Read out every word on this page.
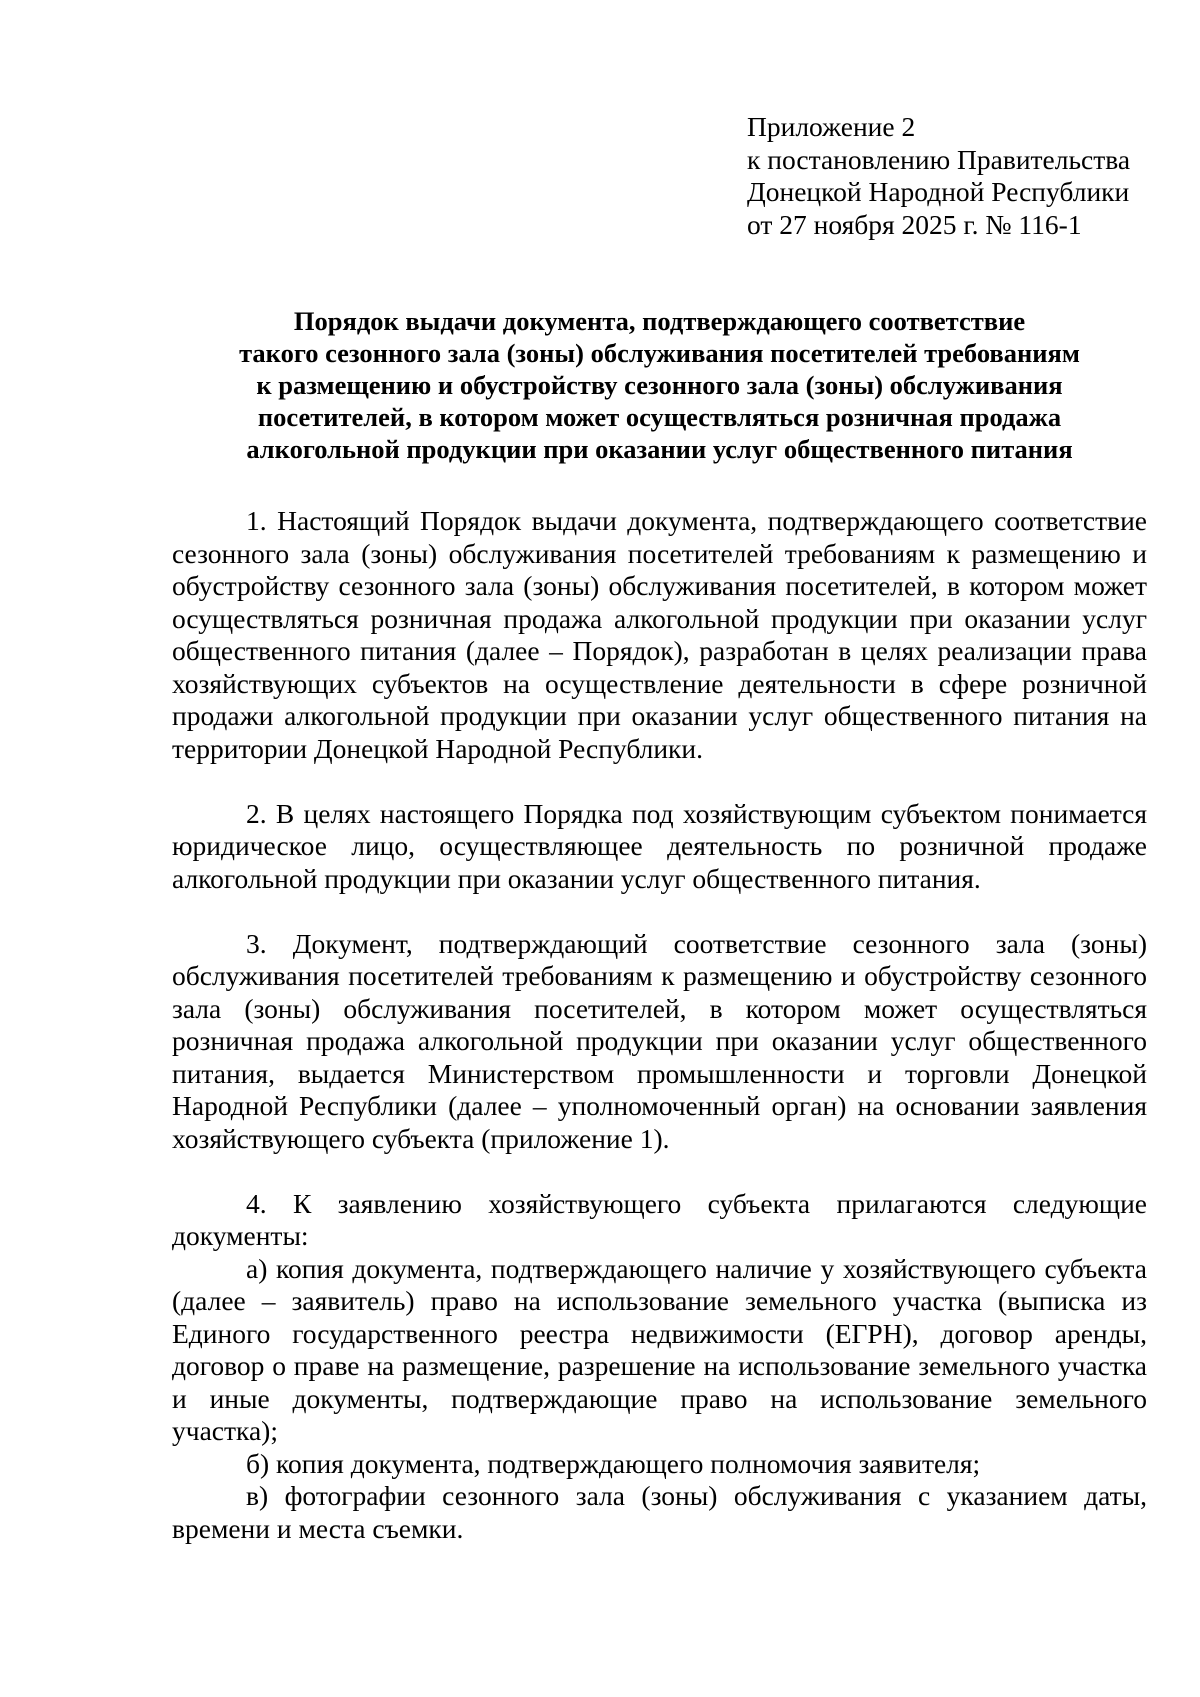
Приложение 2
к постановлению Правительства
Донецкой Народной Республики
от 27 ноября 2025 г. № 116-1
Порядок выдачи документа, подтверждающего соответствие
такого сезонного зала (зоны) обслуживания посетителей требованиям
к размещению и обустройству сезонного зала (зоны) обслуживания
посетителей, в котором может осуществляться розничная продажа
алкогольной продукции при оказании услуг общественного питания

1. Настоящий Порядок выдачи документа, подтверждающего соответствие сезонного зала (зоны) обслуживания посетителей требованиям к размещению и обустройству сезонного зала (зоны) обслуживания посетителей, в котором может осуществляться розничная продажа алкогольной продукции при оказании услуг общественного питания (далее – Порядок), разработан в целях реализации права хозяйствующих субъектов на осуществление деятельности в сфере розничной продажи алкогольной продукции при оказании услуг общественного питания на территории Донецкой Народной Республики.

2. В целях настоящего Порядка под хозяйствующим субъектом понимается юридическое лицо, осуществляющее деятельность по розничной продаже алкогольной продукции при оказании услуг общественного питания.

3. Документ, подтверждающий соответствие сезонного зала (зоны) обслуживания посетителей требованиям к размещению и обустройству сезонного зала (зоны) обслуживания посетителей, в котором может осуществляться розничная продажа алкогольной продукции при оказании услуг общественного питания, выдается Министерством промышленности и торговли Донецкой Народной Республики (далее – уполномоченный орган) на основании заявления хозяйствующего субъекта (приложение 1).

4. К заявлению хозяйствующего субъекта прилагаются следующие документы:

а) копия документа, подтверждающего наличие у хозяйствующего субъекта (далее – заявитель) право на использование земельного участка (выписка из Единого государственного реестра недвижимости (ЕГРН), договор аренды, договор о праве на размещение, разрешение на использование земельного участка и иные документы, подтверждающие право на использование земельного участка);

б) копия документа, подтверждающего полномочия заявителя;

в) фотографии сезонного зала (зоны) обслуживания с указанием даты, времени и места съемки.
